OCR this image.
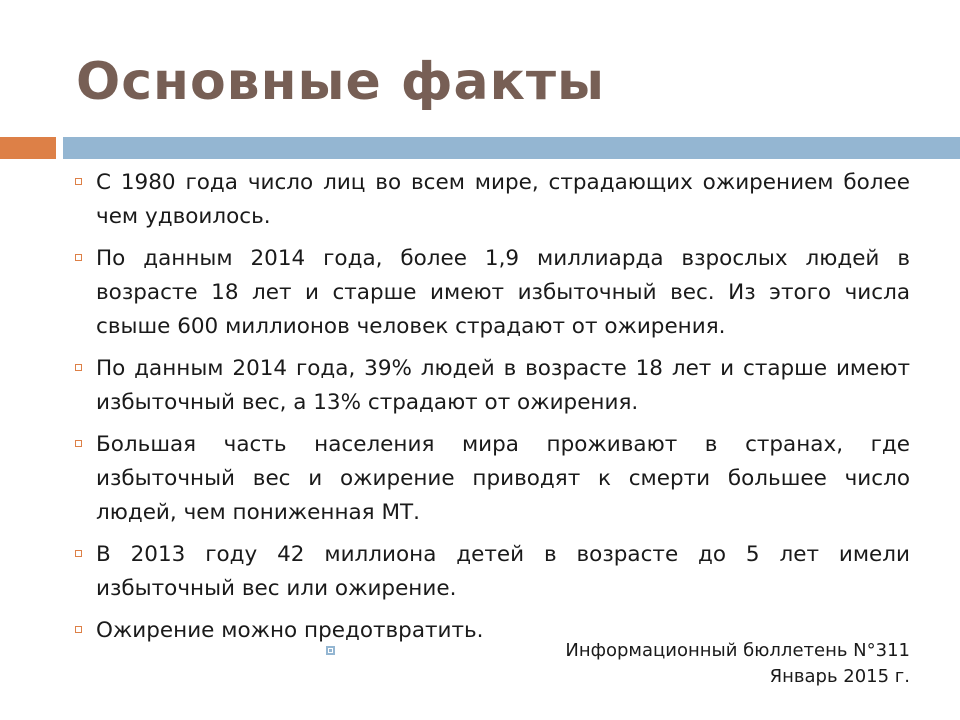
Основные факты
С 1980 года число лиц во всем мире, страдающих ожирением более чем удвоилось.
По данным 2014 года, более 1,9 миллиарда взрослых людей в возрасте 18 лет и старше имеют избыточный вес. Из этого числа свыше 600 миллионов человек страдают от ожирения.
По данным 2014 года, 39% людей в возрасте 18 лет и старше имеют избыточный вес, а 13% страдают от ожирения.
Большая часть населения мира проживают в странах, где избыточный вес и ожирение приводят к смерти большее число людей, чем пониженная МТ.
В 2013 году 42 миллиона детей в возрасте до 5 лет имели избыточный вес или ожирение.
Ожирение можно предотвратить.
Информационный бюллетень N°311
Январь 2015 г.
